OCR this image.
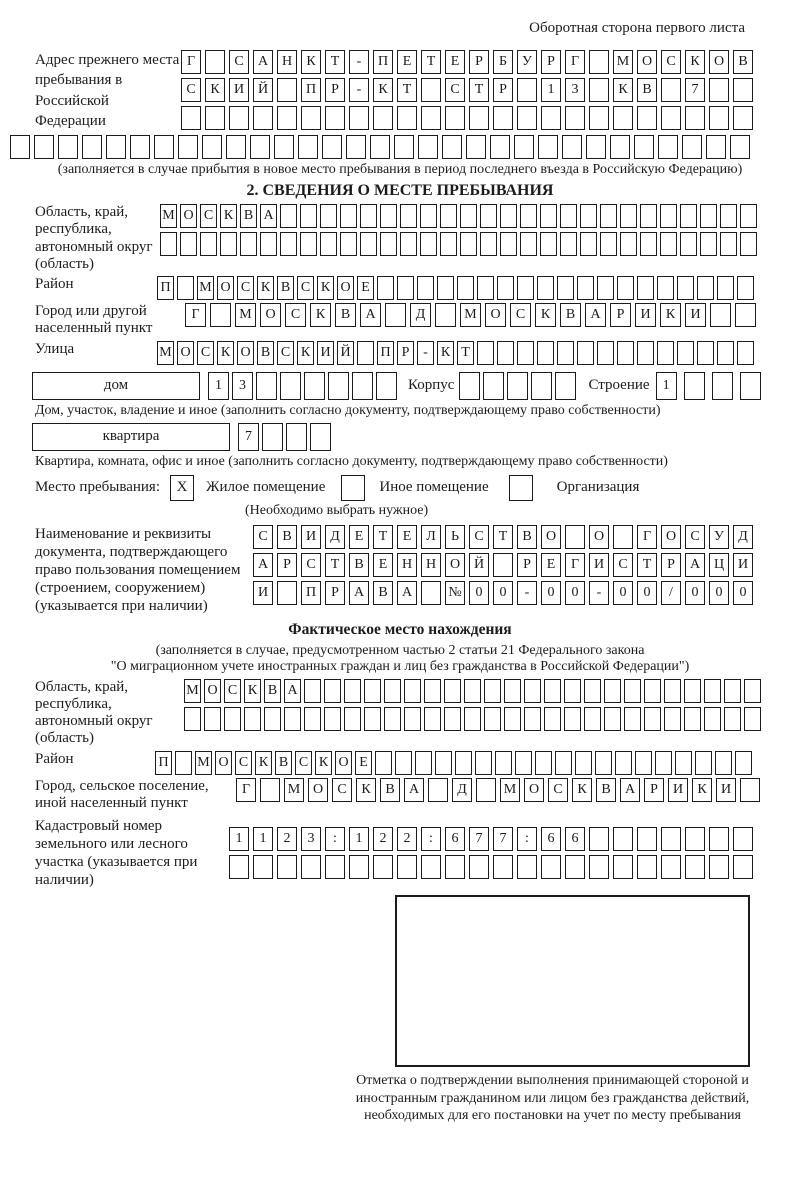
Оборотная сторона первого листа
Адрес прежнего места пребывания в Российской Федерации
Г	С	А Н	К	Т	-	П	Е	Т	Е	Р	Б	У	Р	Г	М О	С	К	О	В
С	К	И Й	П	Р	-	К	Т	С	Т	Р	1	3	К	В	7
(заполняется в случае прибытия в новое место пребывания в период последнего въезда в Российскую Федерацию)
2. СВЕДЕНИЯ О МЕСТЕ ПРЕБЫВАНИЯ
Область, край, республика, автономный округ (область)
М О С К В А
Район	П М О С К В С К О Е
Город или другой населенный пункт
Г	М О	С	К	В	А	Д	М О	С	К	В	А	Р	И	К	И
Улица	М О С К О В С К И Й П Р - К Т
дом	1	3	Корпус	Строение 1
Дом, участок, владение и иное (заполнить согласно документу, подтверждающему право собственности)
квартира	7
Квартира, комната, офис и иное (заполнить согласно документу, подтверждающему право собственности)
Место пребывания: X Жилое помещение	Иное помещение	Организация
(Необходимо выбрать нужное)
Наименование и реквизиты документа, подтверждающего право пользования помещением (строением, сооружением) (указывается при наличии)
С	В	И	Д	Е	Т	Е	Л	Ь	С	Т	В	О	О	Г	О	С	У	Д
А	Р	С	Т	В	Е	Н Н О Й	Р	Е	Г	И	С	Т	Р	А Ц И
И	П	Р	А	В	А	№ 0	0	-	0	0	-	0	0	/	0	0	0
Фактическое место нахождения
(заполняется в случае, предусмотренном частью 2 статьи 21 Федерального закона
"О миграционном учете иностранных граждан и лиц без гражданства в Российской Федерации")
Область, край, республика, автономный округ (область)
М О С К В А
Район	П М О С К В С К О Е
Город, сельское поселение, иной населенный пункт
Г	М О	С	К	В	А	Д	М О	С	К	В	А	Р	И	К	И
Кадастровый номер земельного или лесного участка (указывается при наличии)
1	1	2	3	:	1	2	2	:	6	7	7	:	6	6
Отметка о подтверждении выполнения принимающей стороной и иностранным гражданином или лицом без гражданства действий, необходимых для его постановки на учет по месту пребывания
